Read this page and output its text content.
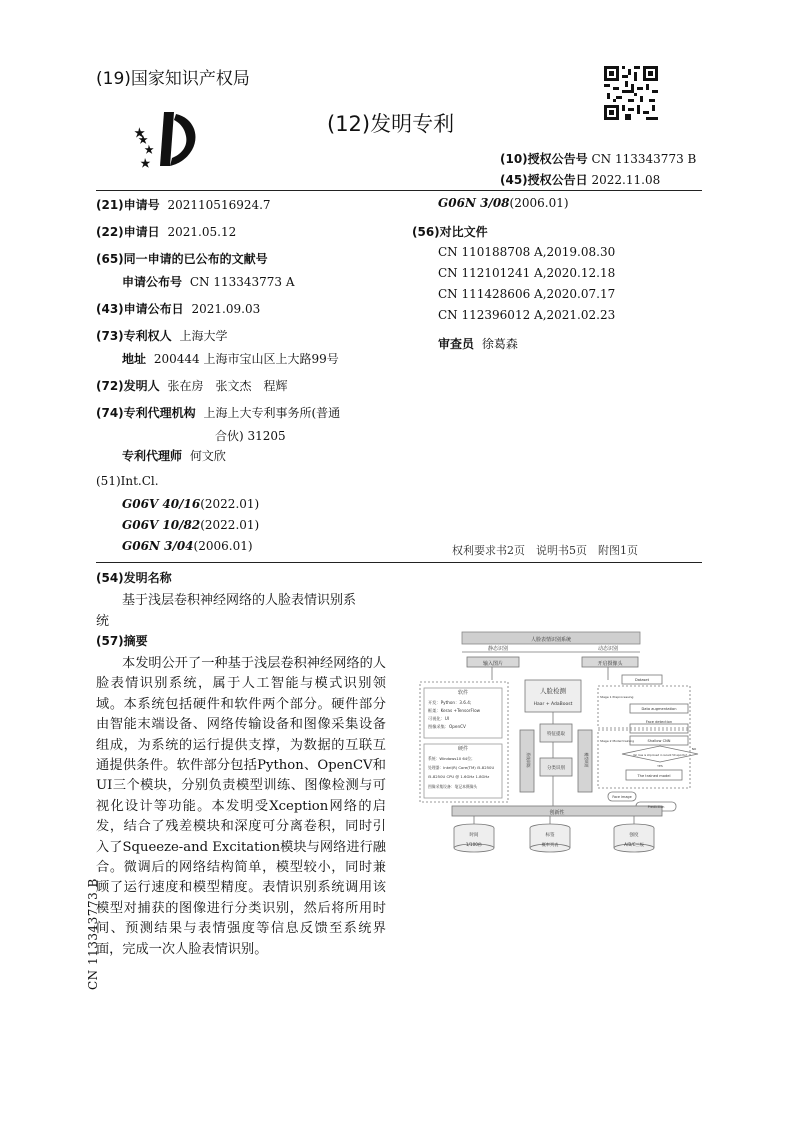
(19)国家知识产权局
(12)发明专利
(10)授权公告号 CN 113343773 B
(45)授权公告日 2022.11.08
(21)申请号 202110516924.7
(22)申请日 2021.05.12
(65)同一申请的已公布的文献号
申请公布号 CN 113343773 A
(43)申请公布日 2021.09.03
(73)专利权人 上海大学
地址 200444 上海市宝山区上大路99号
(72)发明人 张在房　张文杰　程辉
(74)专利代理机构 上海上大专利事务所(普通
合伙) 31205
专利代理师 何文欣
(51)Int.Cl.
G06V 40/16(2022.01)
G06V 10/82(2022.01)
G06N 3/04(2006.01)
G06N 3/08(2006.01)
(56)对比文件
CN 110188708 A,2019.08.30
CN 112101241 A,2020.12.18
CN 111428606 A,2020.07.17
CN 112396012 A,2021.02.23
审查员 徐葛森
权利要求书2页　说明书5页　附图1页
(54)发明名称
基于浅层卷积神经网络的人脸表情识别系
统
(57)摘要
本发明公开了一种基于浅层卷积神经网络的人脸表情识别系统，属于人工智能与模式识别领域。本系统包括硬件和软件两个部分。硬件部分由智能末端设备、网络传输设备和图像采集设备组成，为系统的运行提供支撑，为数据的互联互通提供条件。软件部分包括Python、OpenCV和UI三个模块，分别负责模型训练、图像检测与可视化设计等功能。本发明受Xception网络的启发，结合了残差模块和深度可分离卷积，同时引入了Squeeze-and Excitation模块与网络进行融合。微调后的网络结构简单，模型较小，同时兼顾了运行速度和模型精度。表情识别系统调用该模型对捕获的图像进行分类识别，然后将所用时间、预测结果与表情强度等信息反馈至系统界面，完成一次人脸表情识别。
CN 113343773 B
人脸表情识别系统
静态识别	动态识别
输入图片	开启摄像头
软件
开发：Python：3.6.4;
框架：Keras +TensorFlow
可视化：UI
图像采集：OpenCV
硬件
系统：Windows10 64位；
处理器：Intel(R) Core(TM) i5-8250U
i5-8250U CPU @ 1.6GHz 1.8GHz
图像采集设备：笔记本摄像头
人脸检测
Haar + AdaBoost
特征提取
分类识别
系统训练	模型调用
Dataset
Stage 1 Preprocessing
Data augmentation
Face detection
Stage 2 Model training	Shallow CNN
Val_loss is improved in recent 50 epochs?
YES
NO
The trained model
Face image
Prediction
创新性
时间
1/100秒
标签
概率列表
强度
A/B/C三级
